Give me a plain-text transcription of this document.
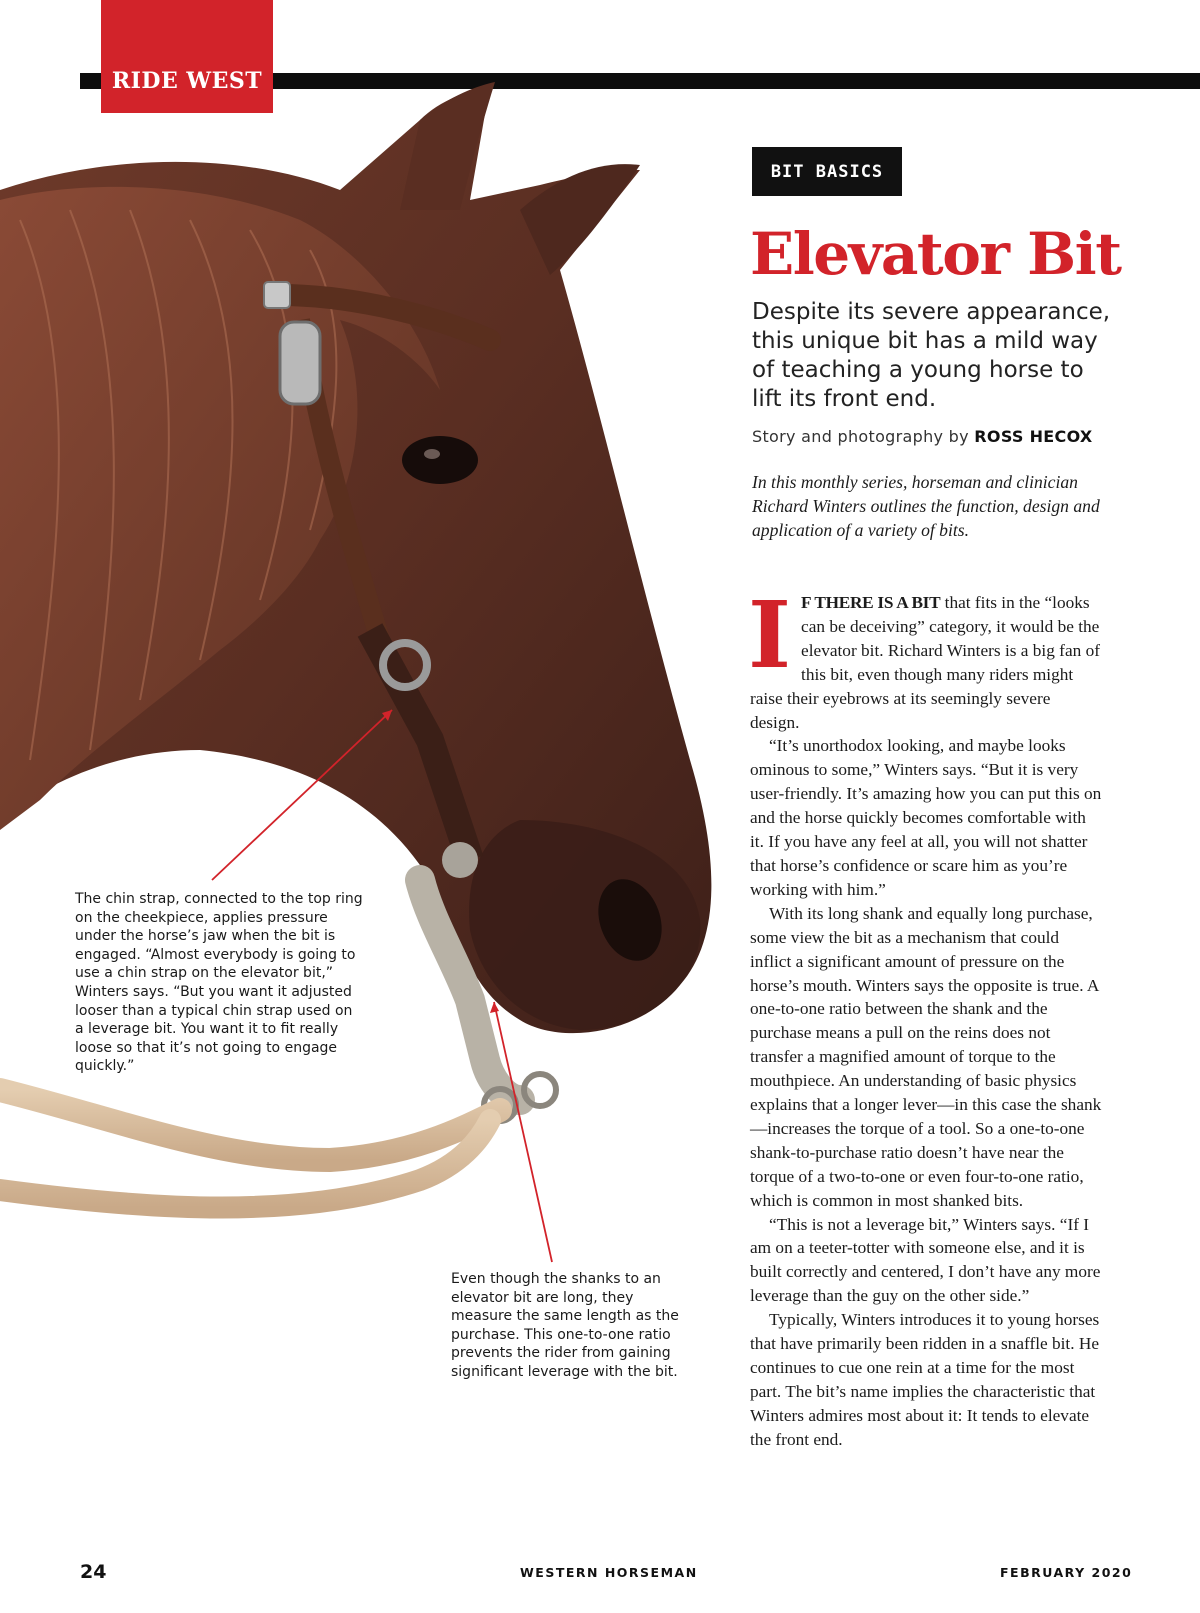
RIDE WEST
BIT BASICS
Elevator Bit
Despite its severe appearance, this unique bit has a mild way of teaching a young horse to lift its front end.
Story and photography by ROSS HECOX
In this monthly series, horseman and clinician Richard Winters outlines the function, design and application of a variety of bits.

I F THERE IS A BIT that fits in the “looks can be deceiving” category, it would be the elevator bit. Richard Winters is a big fan of this bit, even though many riders might raise their eyebrows at its seemingly severe design.

“It’s unorthodox looking, and maybe looks ominous to some,” Winters says. “But it is very user-friendly. It’s amazing how you can put this on and the horse quickly becomes comfortable with it. If you have any feel at all, you will not shatter that horse’s confidence or scare him as you’re working with him.”

With its long shank and equally long purchase, some view the bit as a mechanism that could inflict a significant amount of pressure on the horse’s mouth. Winters says the opposite is true. A one-to-one ratio between the shank and the purchase means a pull on the reins does not transfer a magnified amount of torque to the mouthpiece. An understanding of basic physics explains that a longer lever—in this case the shank—increases the torque of a tool. So a one-to-one shank-to-purchase ratio doesn’t have near the torque of a two-to-one or even four-to-one ratio, which is common in most shanked bits.

“This is not a leverage bit,” Winters says. “If I am on a teeter-totter with someone else, and it is built correctly and centered, I don’t have any more leverage than the guy on the other side.”

Typically, Winters introduces it to young horses that have primarily been ridden in a snaffle bit. He continues to cue one rein at a time for the most part. The bit’s name implies the characteristic that Winters admires most about it: It tends to elevate the front end.

The chin strap, connected to the top ring on the cheekpiece, applies pressure under the horse’s jaw when the bit is engaged. “Almost everybody is going to use a chin strap on the elevator bit,” Winters says. “But you want it adjusted looser than a typical chin strap used on a leverage bit. You want it to fit really loose so that it’s not going to engage quickly.”
Even though the shanks to an elevator bit are long, they measure the same length as the purchase. This one-to-one ratio prevents the rider from gaining significant leverage with the bit.
24	WESTERN HORSEMAN	FEBRUARY 2020
